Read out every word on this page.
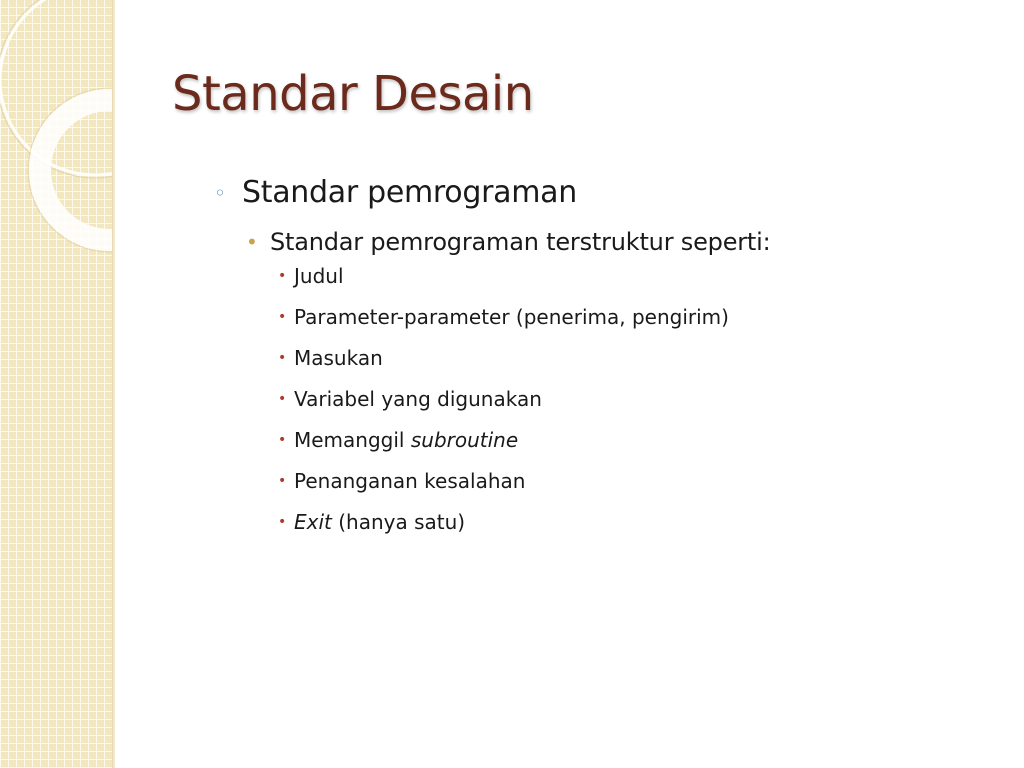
Standar Desain
◦ Standar pemrograman
• Standar pemrograman terstruktur seperti:
• Judul
• Parameter-parameter (penerima, pengirim)
• Masukan
• Variabel yang digunakan
• Memanggil subroutine
• Penanganan kesalahan
• Exit (hanya satu)
